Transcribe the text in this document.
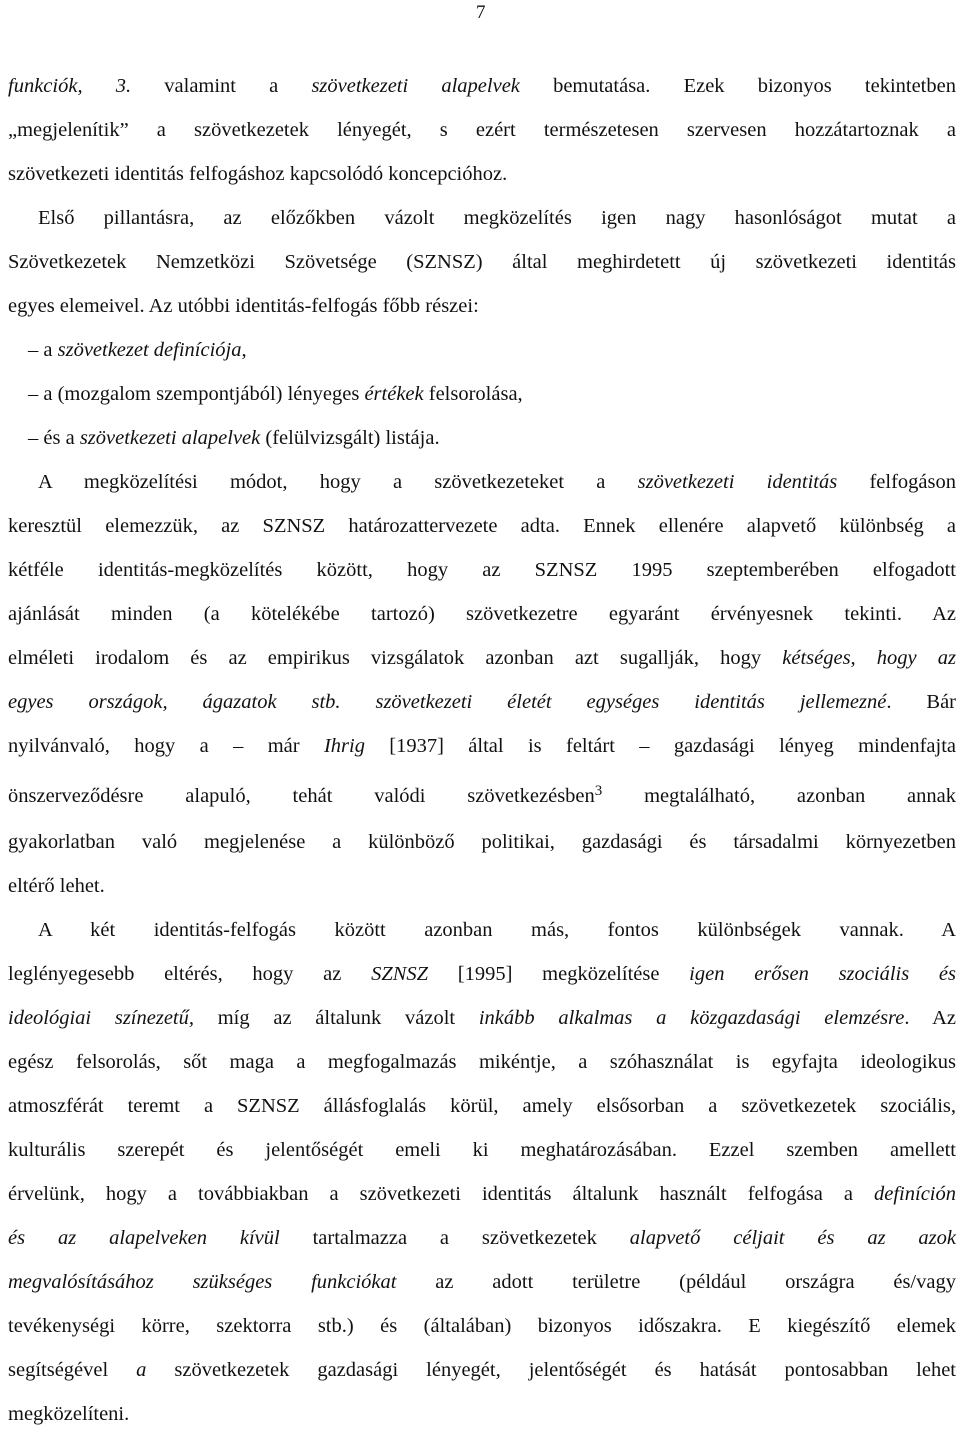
7
funkciók, 3. valamint a szövetkezeti alapelvek bemutatása. Ezek bizonyos tekintetben
„megjelenítik” a szövetkezetek lényegét, s ezért természetesen szervesen hozzátartoznak a
szövetkezeti identitás felfogáshoz kapcsolódó koncepcióhoz.
Első pillantásra, az előzőkben vázolt megközelítés igen nagy hasonlóságot mutat a
Szövetkezetek Nemzetközi Szövetsége (SZNSZ) által meghirdetett új szövetkezeti identitás
egyes elemeivel. Az utóbbi identitás-felfogás főbb részei:
– a szövetkezet definíciója,
– a (mozgalom szempontjából) lényeges értékek felsorolása,
– és a szövetkezeti alapelvek (felülvizsgált) listája.
A megközelítési módot, hogy a szövetkezeteket a szövetkezeti identitás felfogáson
keresztül elemezzük, az SZNSZ határozattervezete adta. Ennek ellenére alapvető különbség a
kétféle identitás-megközelítés között, hogy az SZNSZ 1995 szeptemberében elfogadott
ajánlását minden (a kötelékébe tartozó) szövetkezetre egyaránt érvényesnek tekinti. Az
elméleti irodalom és az empirikus vizsgálatok azonban azt sugallják, hogy kétséges, hogy az
egyes országok, ágazatok stb. szövetkezeti életét egységes identitás jellemezné. Bár
nyilvánvaló, hogy a – már Ihrig [1937] által is feltárt – gazdasági lényeg mindenfajta
önszerveződésre alapuló, tehát valódi szövetkezésben$^3$ megtalálható, azonban annak
gyakorlatban való megjelenése a különböző politikai, gazdasági és társadalmi környezetben
eltérő lehet.
A két identitás-felfogás között azonban más, fontos különbségek vannak. A
leglényegesebb eltérés, hogy az SZNSZ [1995] megközelítése igen erősen szociális és
ideológiai színezetű, míg az általunk vázolt inkább alkalmas a közgazdasági elemzésre. Az
egész felsorolás, sőt maga a megfogalmazás mikéntje, a szóhasználat is egyfajta ideologikus
atmoszférát teremt a SZNSZ állásfoglalás körül, amely elsősorban a szövetkezetek szociális,
kulturális szerepét és jelentőségét emeli ki meghatározásában. Ezzel szemben amellett
érvelünk, hogy a továbbiakban a szövetkezeti identitás általunk használt felfogása a definíción
és az alapelveken kívül tartalmazza a szövetkezetek alapvető céljait és az azok
megvalósításához szükséges funkciókat az adott területre (például országra és/vagy
tevékenységi körre, szektorra stb.) és (általában) bizonyos időszakra. E kiegészítő elemek
segítségével a szövetkezetek gazdasági lényegét, jelentőségét és hatását pontosabban lehet
megközelíteni.
